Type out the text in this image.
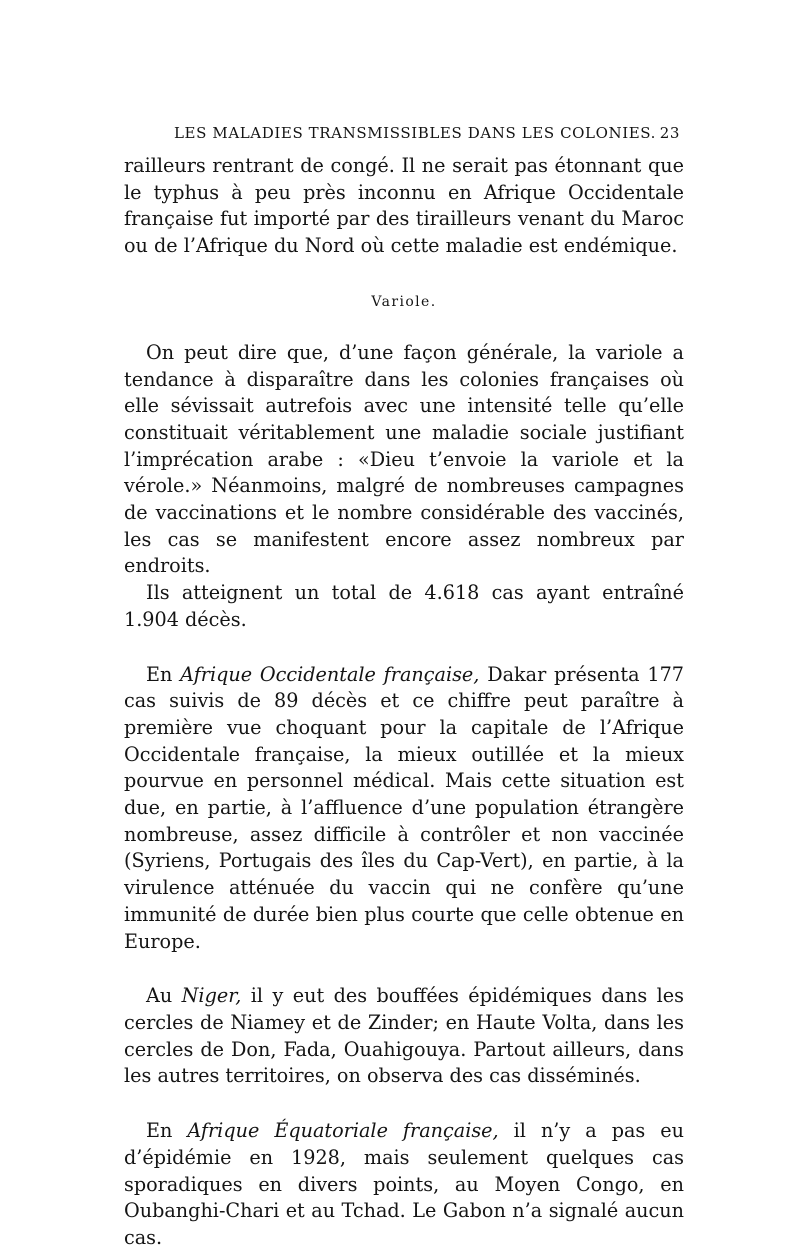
LES MALADIES TRANSMISSIBLES DANS LES COLONIES. 23

railleurs rentrant de congé. Il ne serait pas étonnant que le typhus à peu près inconnu en Afrique Occidentale française fut importé par des tirailleurs venant du Maroc ou de l’Afrique du Nord où cette maladie est endémique.

Variole.

On peut dire que, d’une façon générale, la variole a tendance à disparaître dans les colonies françaises où elle sévissait autrefois avec une intensité telle qu’elle constituait véritablement une maladie sociale justifiant l’imprécation arabe : «Dieu t’envoie la variole et la vérole.» Néanmoins, malgré de nombreuses campagnes de vaccinations et le nombre considérable des vaccinés, les cas se manifestent encore assez nombreux par endroits.

Ils atteignent un total de 4.618 cas ayant entraîné 1.904 décès.

En Afrique Occidentale française, Dakar présenta 177 cas suivis de 89 décès et ce chiffre peut paraître à première vue choquant pour la capitale de l’Afrique Occidentale française, la mieux outillée et la mieux pourvue en personnel médical. Mais cette situation est due, en partie, à l’affluence d’une population étrangère nombreuse, assez difficile à contrôler et non vaccinée (Syriens, Portugais des îles du Cap-Vert), en partie, à la virulence atténuée du vaccin qui ne confère qu’une immunité de durée bien plus courte que celle obtenue en Europe.

Au Niger, il y eut des bouffées épidémiques dans les cercles de Niamey et de Zinder; en Haute Volta, dans les cercles de Don, Fada, Ouahigouya. Partout ailleurs, dans les autres territoires, on observa des cas disséminés.

En Afrique Équatoriale française, il n’y a pas eu d’épidémie en 1928, mais seulement quelques cas sporadiques en divers points, au Moyen Congo, en Oubanghi-Chari et au Tchad. Le Gabon n’a signalé aucun cas.
